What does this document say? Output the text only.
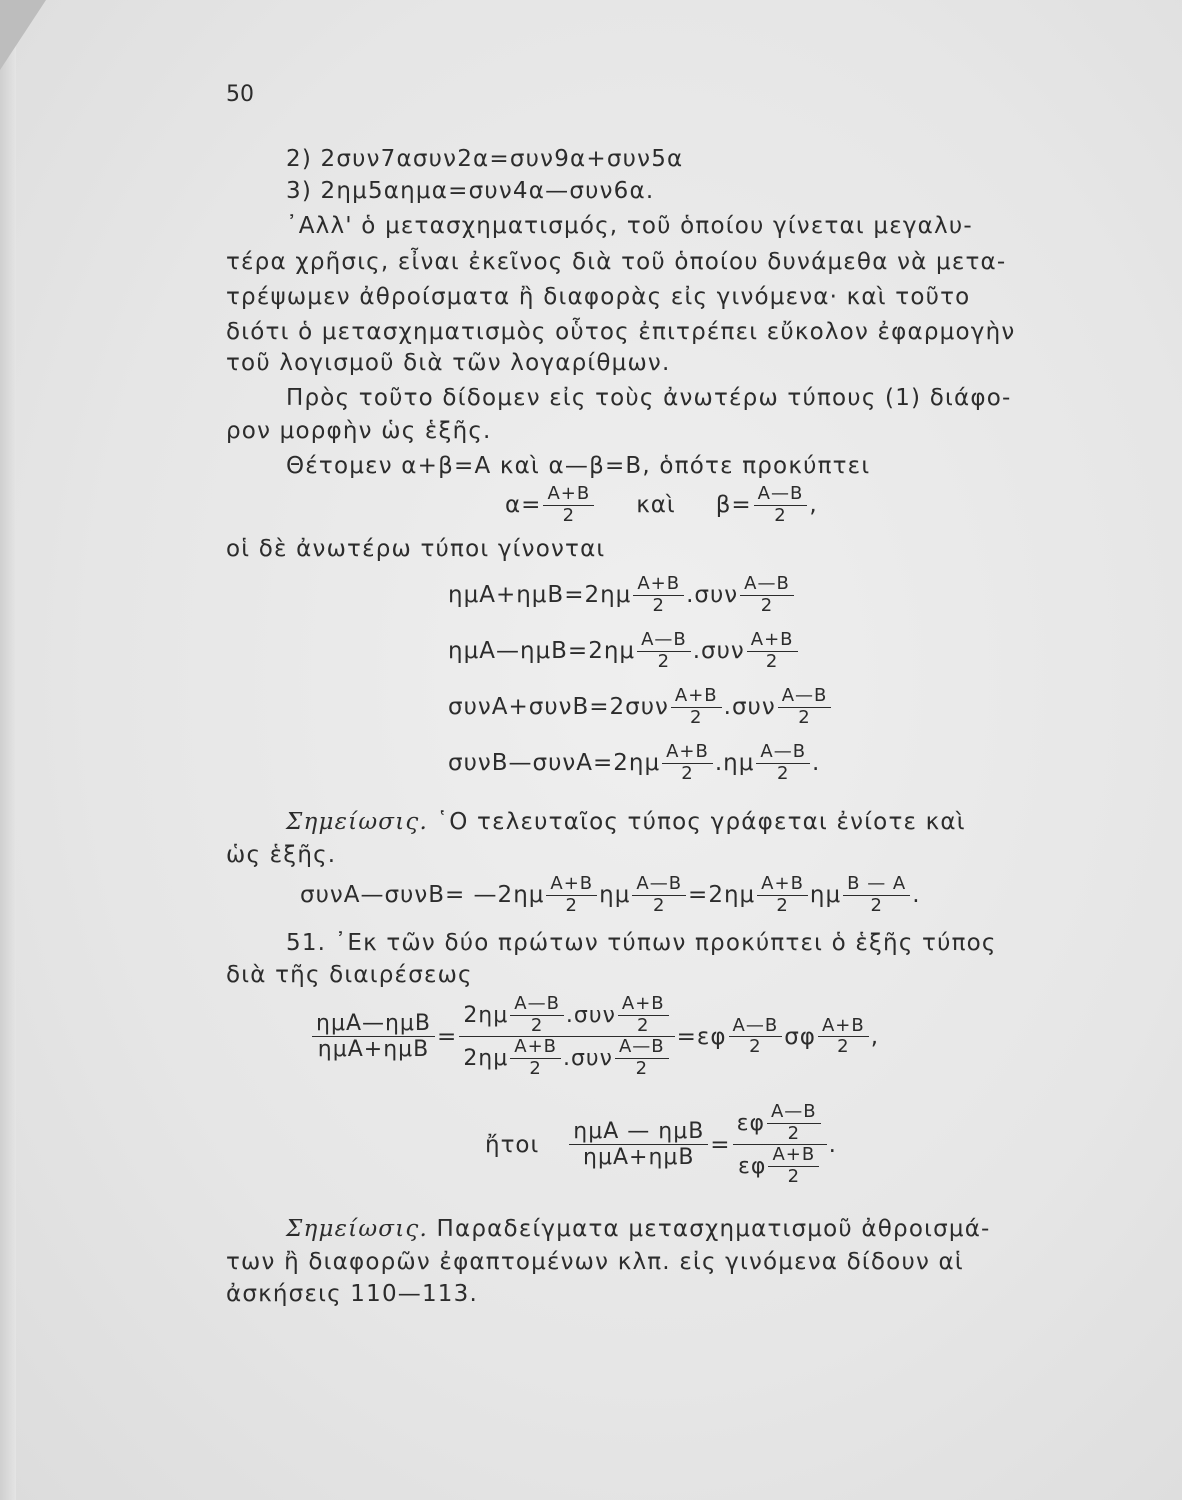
50
2) 2συν7ασυν2α=συν9α+συν5α
3) 2ημ5αημα=συν4α—συν6α.
᾿Αλλ' ὁ μετασχηματισμός, τοῦ ὁποίου γίνεται μεγαλυ-
τέρα χρῆσις, εἶναι ἐκεῖνος διὰ τοῦ ὁποίου δυνάμεθα νὰ μετα-
τρέψωμεν ἀθροίσματα ἢ διαφορὰς εἰς γινόμενα· καὶ τοῦτο
διότι ὁ μετασχηματισμὸς οὗτος ἐπιτρέπει εὔκολον ἐφαρμογὴν
τοῦ λογισμοῦ διὰ τῶν λογαρίθμων.
Πρὸς τοῦτο δίδομεν εἰς τοὺς ἀνωτέρω τύπους (1) διάφο-
ρον μορφὴν ὡς ἑξῆς.
Θέτομεν α+β=Α καὶ α—β=Β, ὁπότε προκύπτει
$\alpha= \frac{A+B}{2}$ καὶ $\beta= \frac{A—B}{2}$ ,
οἱ δὲ ἀνωτέρω τύποι γίνονται
$\eta\mu A+\eta\mu B=2\eta\mu \frac{A+B}{2} .\sigma\upsilon\nu \frac{A—B}{2}$
ημA—ημB=2ημ $\frac{A—B}{2} .\sigma\upsilon\nu \frac{A+B}{2}$
$\sigma\upsilon\nu A+\sigma\upsilon\nu B=2\sigma\upsilon\nu \frac{A+B}{2} .\sigma\upsilon\nu \frac{A—B}{2}$
συνB—συνA=2ημ $\frac{A+B}{2} .\eta\mu \frac{A—B}{2}$ .
Σημείωσις. ῾Ο τελευταῖος τύπος γράφεται ἐνίοτε καὶ
ὡς ἑξῆς.
συνA—συνB= —2ημ $\frac{A+B}{2}$ ημ $\frac{A—B}{2} =2\eta\mu \frac{A+B}{2}$ ημ $\frac{B — A}{2}$ .
51. ᾿Εκ τῶν δύο πρώτων τύπων προκύπτει ὁ ἑξῆς τύπος
διὰ τῆς διαιρέσεως
$\frac{\text{ημA—ημB}}{\text{ημA+ημB}} = \frac{2\eta\mu \frac{A—B}{2} .\sigma\upsilon\nu \frac{A+B}{2}}{2\eta\mu \frac{A+B}{2} .\sigma\upsilon\nu \frac{A—B}{2}} =\varepsilon\varphi \frac{A—B}{2}$ σφ $\frac{A+B}{2}$ ,
ἤτοι $\frac{\text{ημA — ημB}}{\text{ημA+ημB}} = \frac{\varepsilon\varphi \frac{A—B}{2}}{\varepsilon\varphi \frac{A+B}{2}}$ .
Σημείωσις. Παραδείγματα μετασχηματισμοῦ ἀθροισμά-
των ἢ διαφορῶν ἐφαπτομένων κλπ. εἰς γινόμενα δίδουν αἱ
ἀσκήσεις 110—113.
